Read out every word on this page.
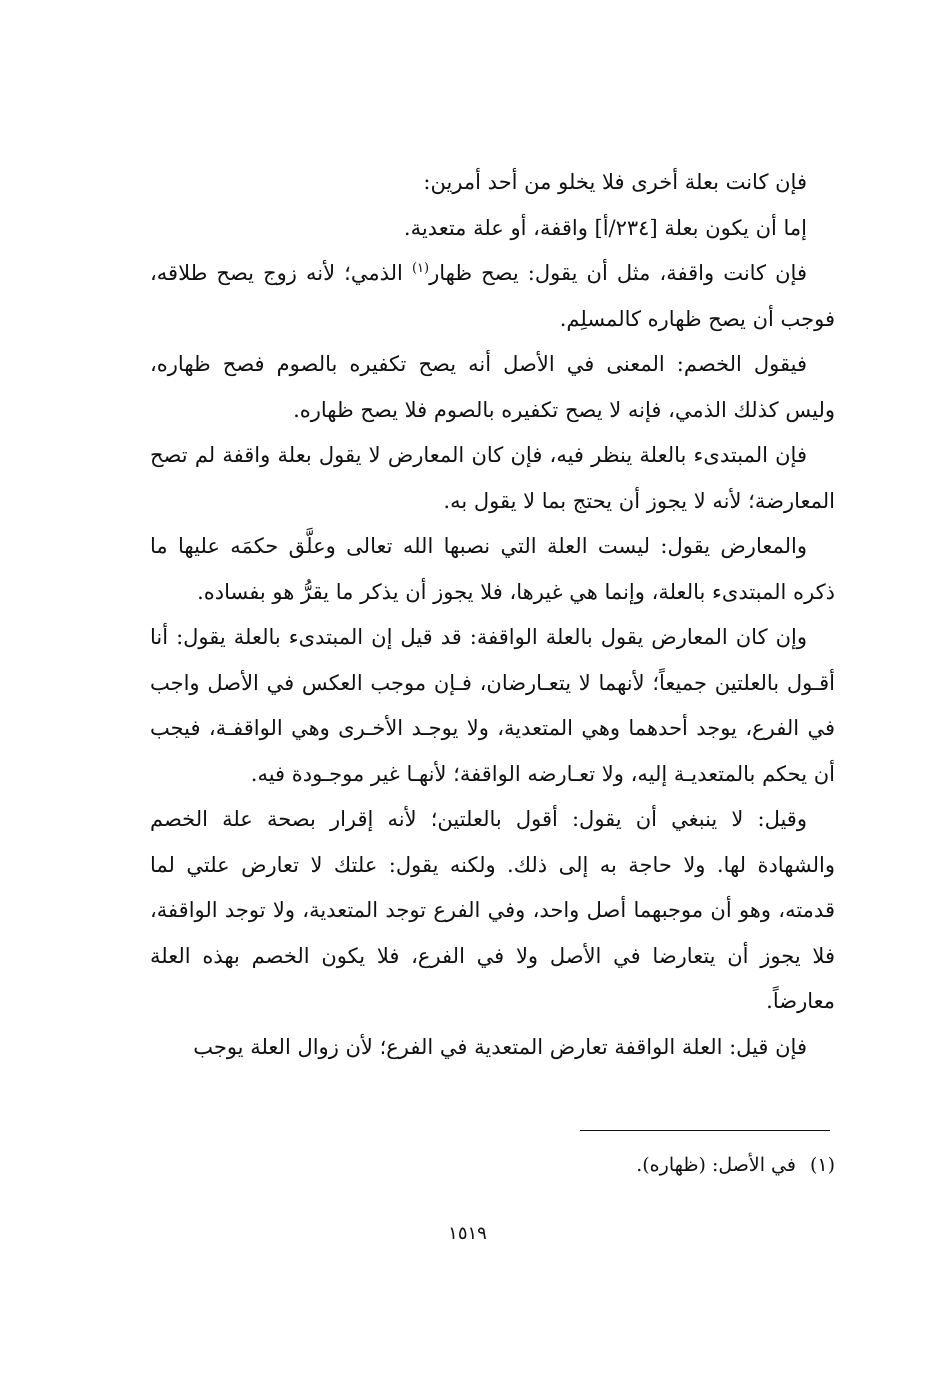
فإن كانت بعلة أخرى فلا يخلو من أحد أمرين:

إما أن يكون بعلة [٢٣٤/أ] واقفة، أو علة متعدية.

فإن كانت واقفة، مثل أن يقول: يصح ظهار$^{(١)}$ الذمي؛ لأنه زوج يصح طلاقه، فوجب أن يصح ظهاره كالمسلِم.

فيقول الخصم: المعنى في الأصل أنه يصح تكفيره بالصوم فصح ظهاره، وليس كذلك الذمي، فإنه لا يصح تكفيره بالصوم فلا يصح ظهاره.

فإن المبتدىء بالعلة ينظر فيه، فإن كان المعارض لا يقول بعلة واقفة لم تصح المعارضة؛ لأنه لا يجوز أن يحتج بما لا يقول به.

والمعارض يقول: ليست العلة التي نصبها الله تعالى وعلَّق حكمَه عليها ما ذكره المبتدىء بالعلة، وإنما هي غيرها، فلا يجوز أن يذكر ما يقرُّ هو بفساده.

وإن كان المعارض يقول بالعلة الواقفة: قد قيل إن المبتدىء بالعلة يقول: أنا أقـول بالعلتين جميعاً؛ لأنهما لا يتعـارضان، فـإن موجب العكس في الأصل واجب في الفرع، يوجد أحدهما وهي المتعدية، ولا يوجـد الأخـرى وهي الواقفـة، فيجب أن يحكم بالمتعديـة إليه، ولا تعـارضه الواقفة؛ لأنهـا غير موجـودة فيه.

وقيل: لا ينبغي أن يقول: أقول بالعلتين؛ لأنه إقرار بصحة علة الخصم والشهادة لها. ولا حاجة به إلى ذلك. ولكنه يقول: علتك لا تعارض علتي لما قدمته، وهو أن موجبهما أصل واحد، وفي الفرع توجد المتعدية، ولا توجد الواقفة، فلا يجوز أن يتعارضا في الأصل ولا في الفرع، فلا يكون الخصم بهذه العلة معارضاً.

فإن قيل: العلة الواقفة تعارض المتعدية في الفرع؛ لأن زوال العلة يوجب

(١)في الأصل: (ظهاره).
١٥١٩
